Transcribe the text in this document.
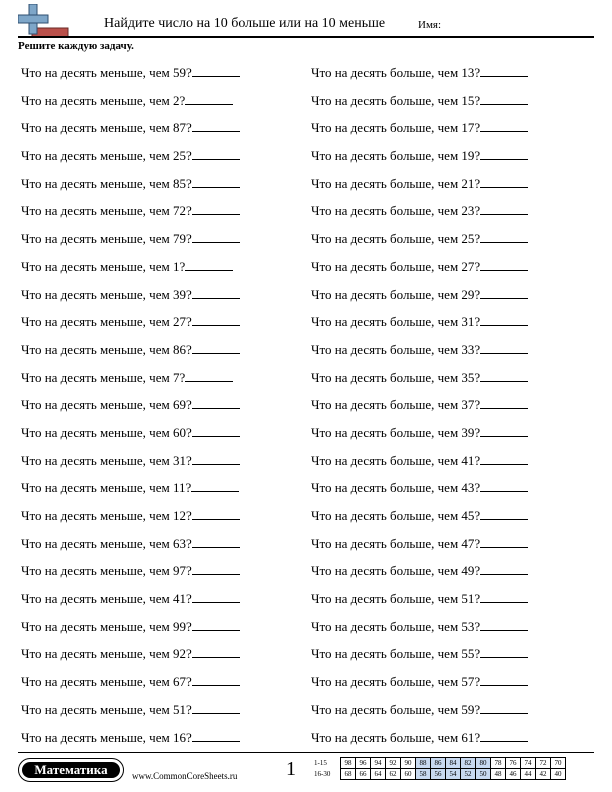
Найдите число на 10 больше или на 10 меньше	Имя:
Решите каждую задачу.
Что на десять меньше, чем 59?
Что на десять меньше, чем 2?
Что на десять меньше, чем 87?
Что на десять меньше, чем 25?
Что на десять меньше, чем 85?
Что на десять меньше, чем 72?
Что на десять меньше, чем 79?
Что на десять меньше, чем 1?
Что на десять меньше, чем 39?
Что на десять меньше, чем 27?
Что на десять меньше, чем 86?
Что на десять меньше, чем 7?
Что на десять меньше, чем 69?
Что на десять меньше, чем 60?
Что на десять меньше, чем 31?
Что на десять меньше, чем 11?
Что на десять меньше, чем 12?
Что на десять меньше, чем 63?
Что на десять меньше, чем 97?
Что на десять меньше, чем 41?
Что на десять меньше, чем 99?
Что на десять меньше, чем 92?
Что на десять меньше, чем 67?
Что на десять меньше, чем 51?
Что на десять меньше, чем 16?
Что на десять больше, чем 13?
Что на десять больше, чем 15?
Что на десять больше, чем 17?
Что на десять больше, чем 19?
Что на десять больше, чем 21?
Что на десять больше, чем 23?
Что на десять больше, чем 25?
Что на десять больше, чем 27?
Что на десять больше, чем 29?
Что на десять больше, чем 31?
Что на десять больше, чем 33?
Что на десять больше, чем 35?
Что на десять больше, чем 37?
Что на десять больше, чем 39?
Что на десять больше, чем 41?
Что на десять больше, чем 43?
Что на десять больше, чем 45?
Что на десять больше, чем 47?
Что на десять больше, чем 49?
Что на десять больше, чем 51?
Что на десять больше, чем 53?
Что на десять больше, чем 55?
Что на десять больше, чем 57?
Что на десять больше, чем 59?
Что на десять больше, чем 61?
Математика	www.CommonCoreSheets.ru 1	1-15	98	96	94	92	90	88	86	84	82	80	78	76	74	72	70
16-30	68	66	64	62	60	58	56	54	52	50	48	46	44	42	40
